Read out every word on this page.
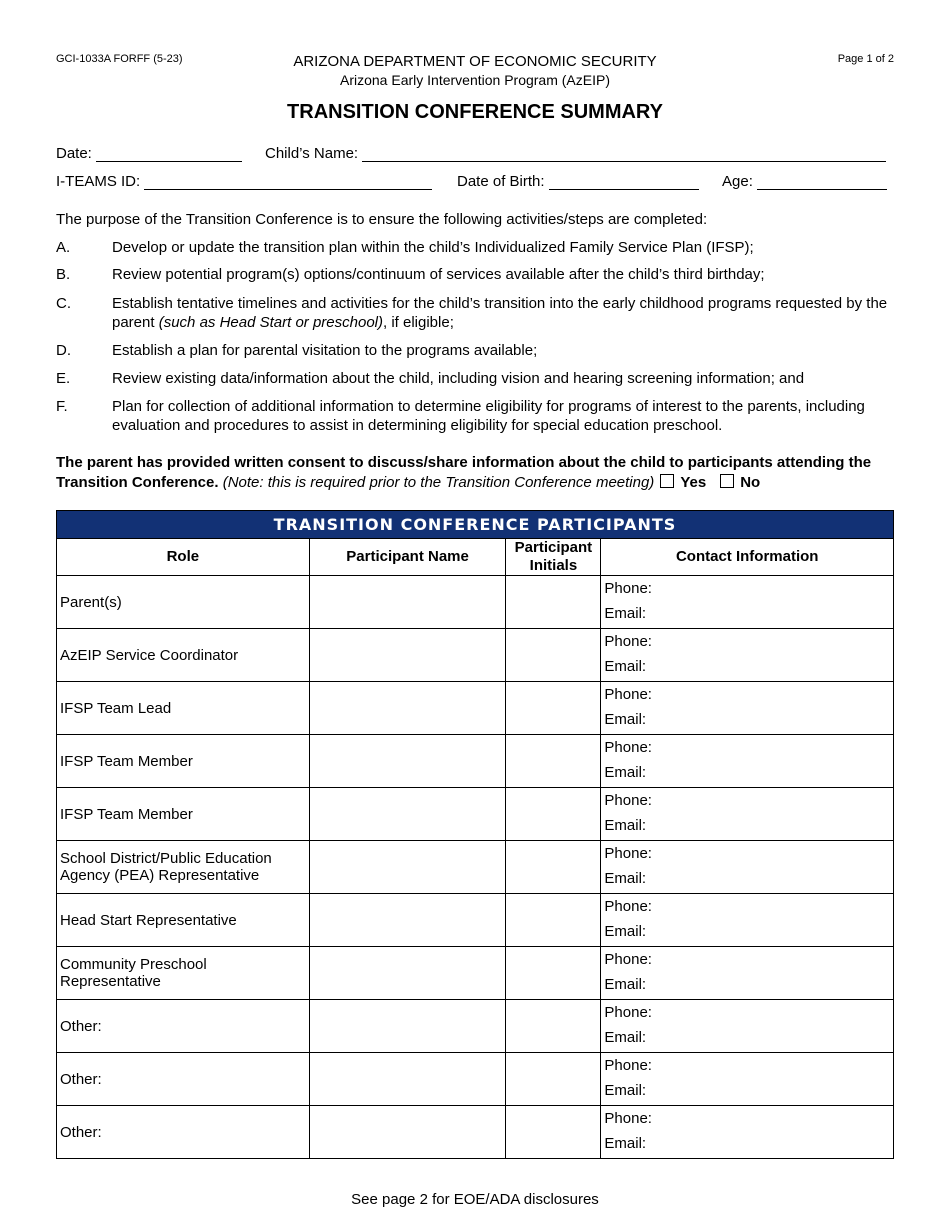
GCI-1033A FORFF (5-23)	ARIZONA DEPARTMENT OF ECONOMIC SECURITY
Arizona Early Intervention Program (AzEIP)
Page 1 of 2
TRANSITION CONFERENCE SUMMARY
Date:	Child’s Name:
I-TEAMS ID:	Date of Birth:	Age:
The purpose of the Transition Conference is to ensure the following activities/steps are completed:
A.	Develop or update the transition plan within the child’s Individualized Family Service Plan (IFSP);
B.	Review potential program(s) options/continuum of services available after the child’s third birthday;
C.	Establish tentative timelines and activities for the child’s transition into the early childhood programs requested by the parent (such as Head Start or preschool), if eligible;
D.	Establish a plan for parental visitation to the programs available;
E.	Review existing data/information about the child, including vision and hearing screening information; and
F.	Plan for collection of additional information to determine eligibility for programs of interest to the parents, including evaluation and procedures to assist in determining eligibility for special education preschool.
The parent has provided written consent to discuss/share information about the child to participants attending the Transition Conference. (Note: this is required prior to the Transition Conference meeting) Yes No
TRANSITION CONFERENCE PARTICIPANTS			
Role	Participant Name	Participant Initials	Contact Information
Parent(s)			Phone:
Email:

AzEIP Service Coordinator			Phone:
Email:

IFSP Team Lead			Phone:
Email:

IFSP Team Member			Phone:
Email:

IFSP Team Member			Phone:
Email:

School District/Public Education Agency (PEA) Representative			Phone:
Email:

Head Start Representative			Phone:
Email:

Community Preschool Representative			Phone:
Email:

Other:			Phone:
Email:

Other:			Phone:
Email:

Other:			Phone:
Email:
See page 2 for EOE/ADA disclosures
